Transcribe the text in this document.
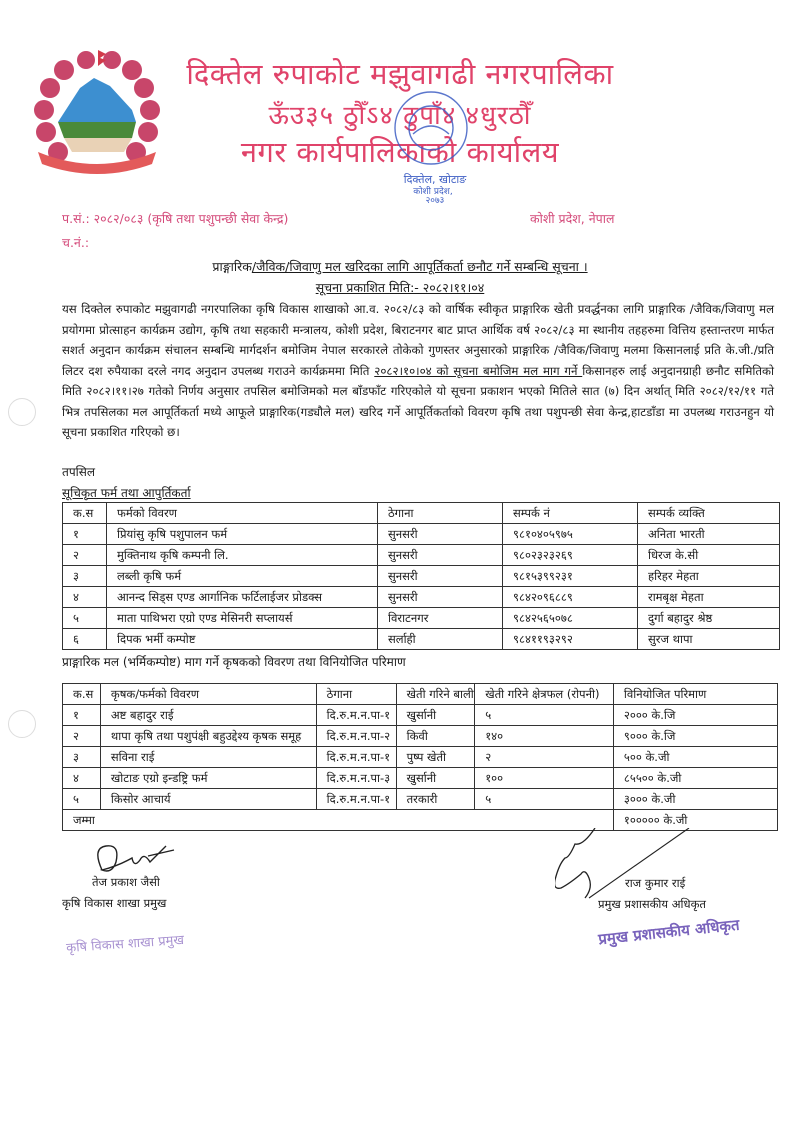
दिक्तेल रुपाकोट मझुवागढी नगरपालिका
ऊँउ३५ ठुौँऽ४ ठुपाँ४ ४धुरठौँ
नगर कार्यपालिकाको कार्यालय
दिक्तेल, खोटाङ
कोशी प्रदेश,
२०७३
प.सं.: २०८२/०८३ (कृषि तथा पशुपन्छी सेवा केन्द्र)	कोशी प्रदेश, नेपाल
च.नं.:
प्राङ्गारिक/जैविक/जिवाणु मल खरिदका लागि आपूर्तिकर्ता छनौट गर्ने सम्बन्धि सूचना ।
सूचना प्रकाशित मिति:- २०८२।११।०४
यस दिक्तेल रुपाकोट मझुवागढी नगरपालिका कृषि विकास शाखाको आ.व. २०८२/८३ को वार्षिक स्वीकृत प्राङ्गारिक खेती प्रवर्द्धनका लागि प्राङ्गारिक /जैविक/जिवाणु मल प्रयोगमा प्रोत्साहन कार्यक्रम उद्योग, कृषि तथा सहकारी मन्त्रालय, कोशी प्रदेश, बिराटनगर बाट प्राप्त आर्थिक वर्ष २०८२/८३ मा स्थानीय तहहरुमा वित्तिय हस्तान्तरण मार्फत सशर्त अनुदान कार्यक्रम संचालन सम्बन्धि मार्गदर्शन बमोजिम नेपाल सरकारले तोकेको गुणस्तर अनुसारको प्राङ्गारिक /जैविक/जिवाणु मलमा किसानलाई प्रति के.जी./प्रति लिटर दश रुपैयाका दरले नगद अनुदान उपलब्ध गराउने कार्यक्रममा मिति २०८२।१०।०४ को सूचना बमोजिम मल माग गर्ने किसानहरु लाई अनुदानग्राही छनौट समितिको मिति २०८२।११।२७ गतेको निर्णय अनुसार तपसिल बमोजिमको मल बाँडफाँट गरिएकोले यो सूचना प्रकाशन भएको मितिले सात (७) दिन अर्थात् मिति २०८२/१२/११ गते भित्र तपसिलका मल आपूर्तिकर्ता मध्ये आफूले प्राङ्गारिक(गड्यौले मल) खरिद गर्ने आपूर्तिकर्ताको विवरण कृषि तथा पशुपन्छी सेवा केन्द्र,हाटडाँडा मा उपलब्ध गराउनहुन यो सूचना प्रकाशित गरिएको छ।
तपसिल
सूचिकृत फर्म तथा आपुर्तिकर्ता
क.स	फर्मको विवरण	ठेगाना	सम्पर्क नं	सम्पर्क व्यक्ति
१	प्रियांसु कृषि पशुपालन फर्म	सुनसरी	९८१०४०५९७५	अनिता भारती
२	मुक्तिनाथ कृषि कम्पनी लि.	सुनसरी	९८०२३२३२६९	धिरज के.सी
३	लब्ली कृषि फर्म	सुनसरी	९८१५३९९२३१	हरिहर मेहता
४	आनन्द सिड्स एण्ड आर्गानिक फर्टिलाईजर प्रोडक्स	सुनसरी	९८४२०९६८८९	रामबृक्ष मेहता
५	माता पाथिभरा एग्रो एण्ड मेसिनरी सप्लायर्स	विराटनगर	९८४२५६५०७८	दुर्गा बहादुर श्रेष्ठ
६	दिपक भर्मी कम्पोष्ट	सर्लाही	९८४११९३२९२	सुरज थापा
प्राङ्गारिक मल (भर्मिकम्पोष्ट) माग गर्ने कृषकको विवरण तथा विनियोजित परिमाण
क.स	कृषक/फर्मको विवरण	ठेगाना	खेती गरिने बाली	खेती गरिने क्षेत्रफल (रोपनी)	विनियोजित परिमाण
१	अष्ट बहादुर राई	दि.रु.म.न.पा-१	खुर्सानी	५	२००० के.जि
२	थापा कृषि तथा पशुपंक्षी बहुउद्देश्य कृषक समूह	दि.रु.म.न.पा-२	किवी	१४०	९००० के.जि
३	सविना राई	दि.रु.म.न.पा-१	पुष्प खेती	२	५०० के.जी
४	खोटाङ एग्रो इन्डष्ट्रि फर्म	दि.रु.म.न.पा-३	खुर्सानी	१००	८५५०० के.जी
५	किसोर आचार्य	दि.रु.म.न.पा-१	तरकारी	५	३००० के.जी
जम्मा					१००००० के.जी
तेज प्रकाश जैसी
कृषि विकास शाखा प्रमुख
कृषि विकास शाखा प्रमुख
राज कुमार राई
प्रमुख प्रशासकीय अधिकृत
प्रमुख प्रशासकीय अधिकृत
